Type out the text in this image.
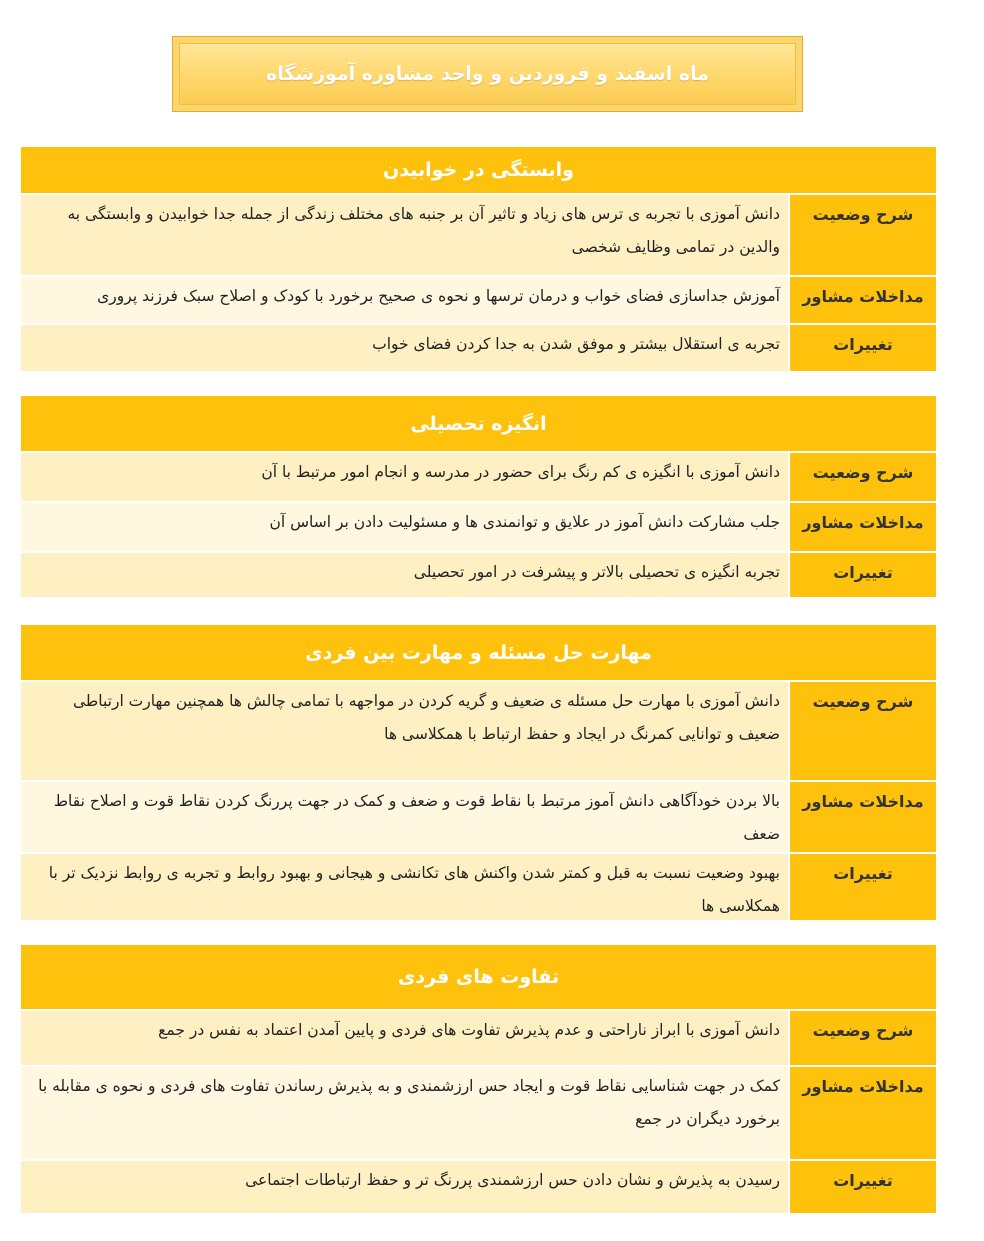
ماه اسفند و فروردین و واحد مشاوره آموزشگاه
وابستگی در خوابیدن
شرح وضعیت
دانش آموزی با تجربه ی ترس های زیاد و تاثیر آن بر جنبه های مختلف زندگی از جمله جدا خوابیدن و وابستگی به والدین در تمامی وظایف شخصی
مداخلات مشاور
آموزش جداسازی فضای خواب و درمان ترسها و نحوه ی صحیح برخورد با کودک و اصلاح سبک فرزند پروری
تغییرات
تجربه ی استقلال بیشتر و موفق شدن به جدا کردن فضای خواب
انگیزه تحصیلی
شرح وضعیت
دانش آموزی با انگیزه ی کم رنگ برای حضور در مدرسه و انجام امور مرتبط با آن
مداخلات مشاور
جلب مشارکت دانش آموز در علایق و توانمندی ها و مسئولیت دادن بر اساس آن
تغییرات
تجربه انگیزه ی تحصیلی بالاتر و پیشرفت در امور تحصیلی
مهارت حل مسئله و مهارت بین فردی
شرح وضعیت
دانش آموزی با مهارت حل مسئله ی ضعیف و گریه کردن در مواجهه با تمامی چالش ها همچنین مهارت ارتباطی ضعیف و توانایی کمرنگ در ایجاد و حفظ ارتباط با همکلاسی ها
مداخلات مشاور
بالا بردن خودآگاهی دانش آموز مرتبط با نقاط قوت و ضعف و کمک در جهت پررنگ کردن نقاط قوت و اصلاح نقاط ضعف
تغییرات
بهبود وضعیت نسبت به قبل و کمتر شدن واکنش های تکانشی و هیجانی و بهبود روابط و تجربه ی روابط نزدیک تر با همکلاسی ها
تفاوت های فردی
شرح وضعیت
دانش آموزی با ابراز ناراحتی و عدم پذیرش تفاوت های فردی و پایین آمدن اعتماد به نفس در جمع
مداخلات مشاور
کمک در جهت شناسایی نقاط قوت و ایجاد حس ارزشمندی و به پذیرش رساندن تفاوت های فردی و نحوه ی مقابله با برخورد دیگران در جمع
تغییرات
رسیدن به پذیرش و نشان دادن حس ارزشمندی پررنگ تر و حفظ ارتباطات اجتماعی
